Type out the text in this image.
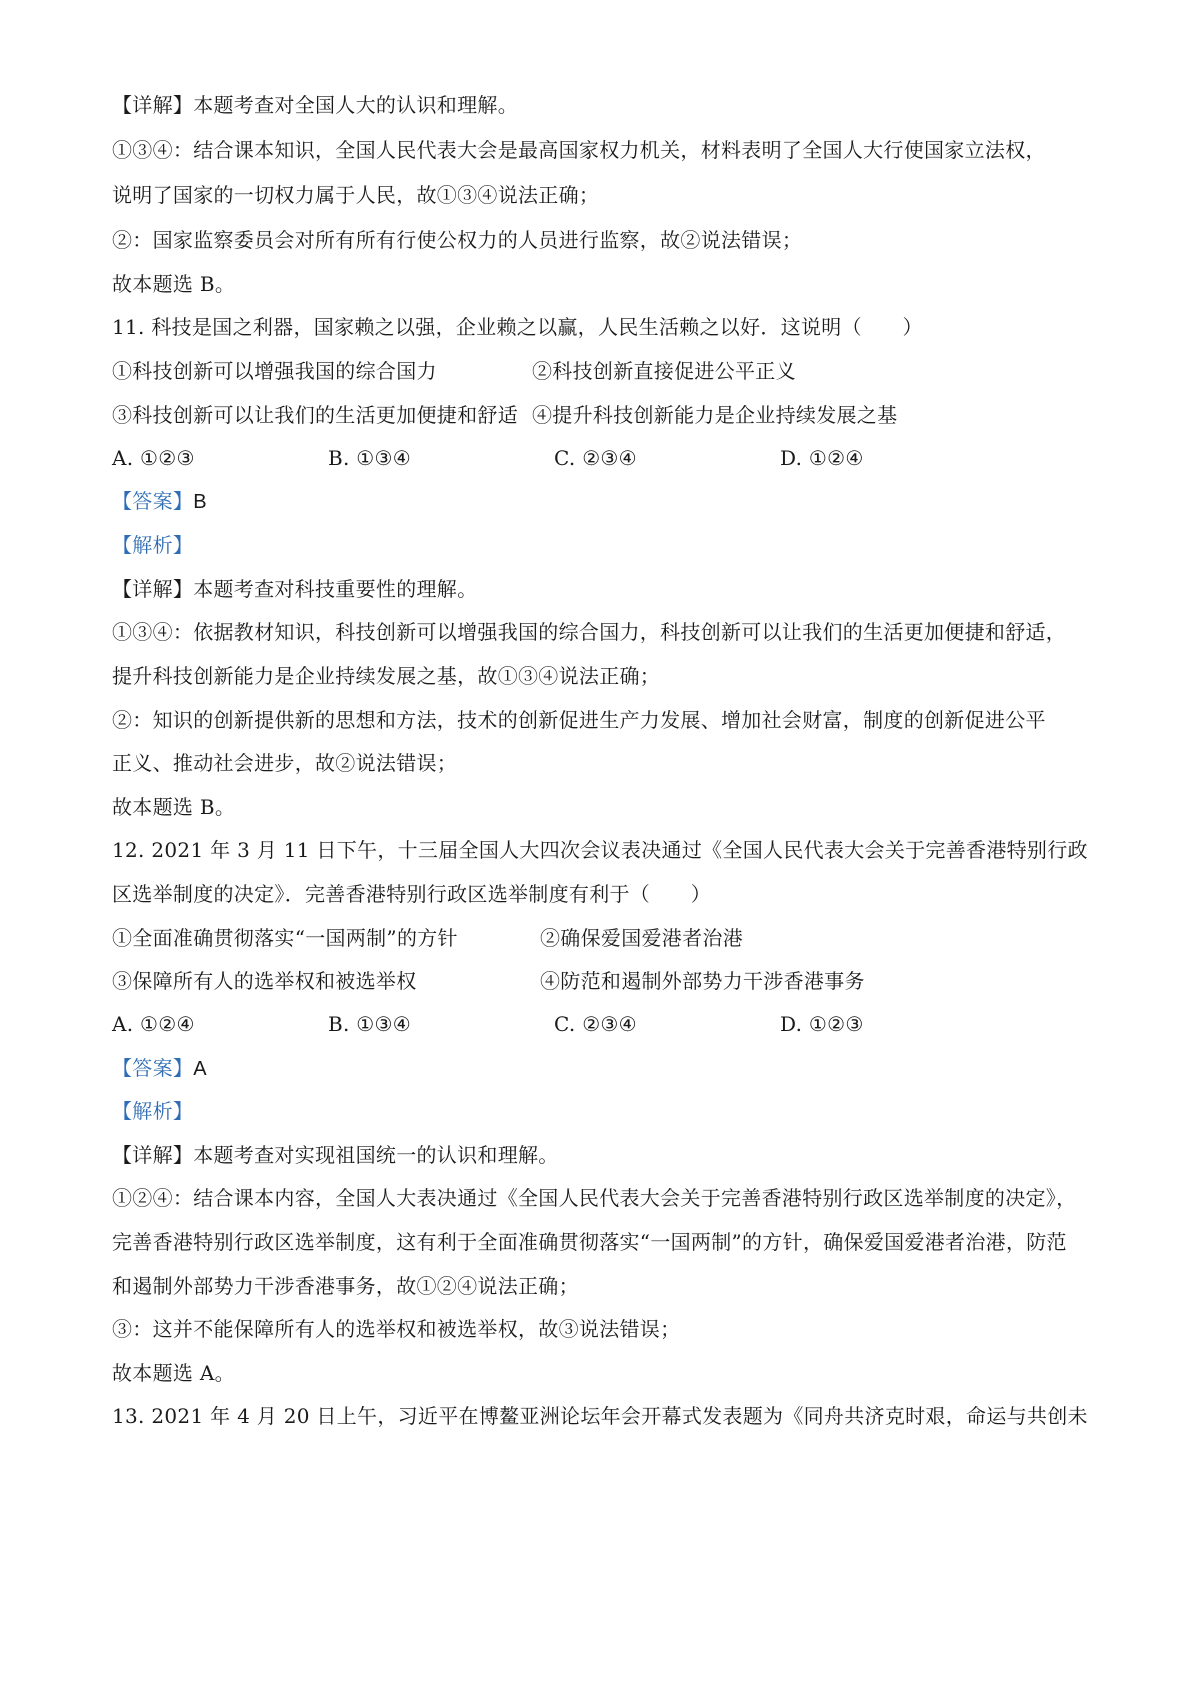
【详解】本题考查对全国人大的认识和理解。
①③④：结合课本知识，全国人民代表大会是最高国家权力机关，材料表明了全国人大行使国家立法权，
说明了国家的一切权力属于人民，故①③④说法正确；
②：国家监察委员会对所有所有行使公权力的人员进行监察，故②说法错误；
故本题选 B。
11. 科技是国之利器，国家赖之以强，企业赖之以赢，人民生活赖之以好．这说明（　　）
①科技创新可以增强我国的综合国力	②科技创新直接促进公平正义
③科技创新可以让我们的生活更加便捷和舒适 ④提升科技创新能力是企业持续发展之基
A. ①②③	B. ①③④	C. ②③④	D. ①②④
【答案】B
【解析】
【详解】本题考查对科技重要性的理解。
①③④：依据教材知识，科技创新可以增强我国的综合国力，科技创新可以让我们的生活更加便捷和舒适，
提升科技创新能力是企业持续发展之基，故①③④说法正确；
②：知识的创新提供新的思想和方法，技术的创新促进生产力发展、增加社会财富，制度的创新促进公平
正义、推动社会进步，故②说法错误；
故本题选 B。
12. 2021 年 3 月 11 日下午，十三届全国人大四次会议表决通过《全国人民代表大会关于完善香港特别行政
区选举制度的决定》．完善香港特别行政区选举制度有利于（　　）
①全面准确贯彻落实“一国两制”的方针	②确保爱国爱港者治港
③保障所有人的选举权和被选举权	④防范和遏制外部势力干涉香港事务
A. ①②④	B. ①③④	C. ②③④	D. ①②③
【答案】A
【解析】
【详解】本题考查对实现祖国统一的认识和理解。
①②④：结合课本内容，全国人大表决通过《全国人民代表大会关于完善香港特别行政区选举制度的决定》，
完善香港特别行政区选举制度，这有利于全面准确贯彻落实“一国两制”的方针，确保爱国爱港者治港，防范
和遏制外部势力干涉香港事务，故①②④说法正确；
③：这并不能保障所有人的选举权和被选举权，故③说法错误；
故本题选 A。
13. 2021 年 4 月 20 日上午，习近平在博鳌亚洲论坛年会开幕式发表题为《同舟共济克时艰，命运与共创未
